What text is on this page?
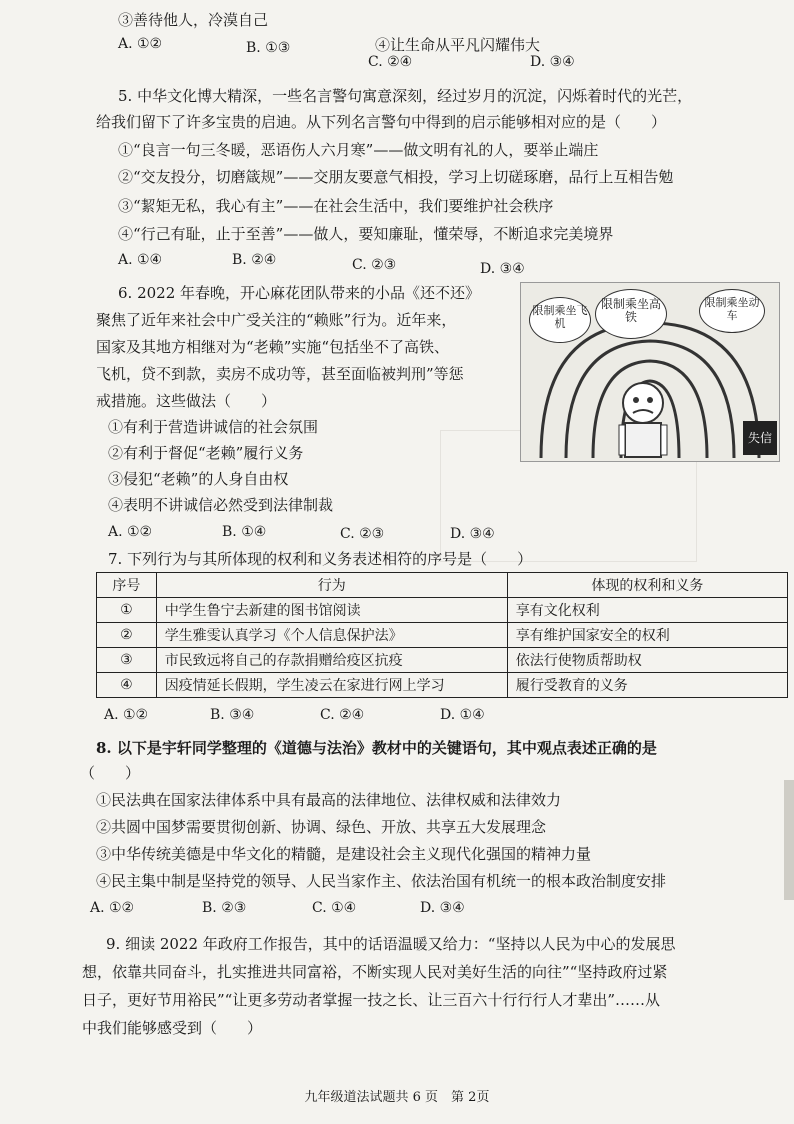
③善待他人，冷漠自己
④让生命从平凡闪耀伟大
A. ①②	B. ①③
C. ②④	D. ③④
5. 中华文化博大精深，一些名言警句寓意深刻，经过岁月的沉淀，闪烁着时代的光芒，
给我们留下了许多宝贵的启迪。从下列名言警句中得到的启示能够相对应的是（　　）
①“良言一句三冬暖，恶语伤人六月寒”——做文明有礼的人，要举止端庄
②“交友投分，切磨箴规”——交朋友要意气相投，学习上切磋琢磨，品行上互相告勉
③“絜矩无私，我心有主”——在社会生活中，我们要维护社会秩序
④“行己有耻，止于至善”——做人，要知廉耻，懂荣辱，不断追求完美境界
A. ①④	B. ②④	C. ②③	D. ③④
6. 2022 年春晚，开心麻花团队带来的小品《还不还》
聚焦了近年来社会中广受关注的“赖账”行为。近年来，
国家及其地方相继对为“老赖”实施“包括坐不了高铁、
飞机，贷不到款，卖房不成功等，甚至面临被判刑”等惩
戒措施。这些做法（　　）
①有利于营造讲诚信的社会氛围
②有利于督促“老赖”履行义务
③侵犯“老赖”的人身自由权
④表明不讲诚信必然受到法律制裁
A. ①②	B. ①④	C. ②③	D. ③④
限制乘坐飞机
限制乘坐高铁
限制乘坐动车
失信
7. 下列行为与其所体现的权利和义务表述相符的序号是（　　）
序号	行为	体现的权利和义务
①	中学生鲁宁去新建的图书馆阅读	享有文化权利
②	学生雅雯认真学习《个人信息保护法》	享有维护国家安全的权利
③	市民致远将自己的存款捐赠给疫区抗疫	依法行使物质帮助权
④	因疫情延长假期，学生凌云在家进行网上学习	履行受教育的义务
A. ①②	B. ③④	C. ②④	D. ①④
8. 以下是宇轩同学整理的《道德与法治》教材中的关键语句，其中观点表述正确的是
（　　）
①民法典在国家法律体系中具有最高的法律地位、法律权威和法律效力
②共圆中国梦需要贯彻创新、协调、绿色、开放、共享五大发展理念
③中华传统美德是中华文化的精髓，是建设社会主义现代化强国的精神力量
④民主集中制是坚持党的领导、人民当家作主、依法治国有机统一的根本政治制度安排
A. ①②	B. ②③	C. ①④	D. ③④
9. 细读 2022 年政府工作报告，其中的话语温暖又给力：“坚持以人民为中心的发展思
想，依靠共同奋斗，扎实推进共同富裕，不断实现人民对美好生活的向往”“坚持政府过紧
日子，更好节用裕民”“让更多劳动者掌握一技之长、让三百六十行行行人才辈出”……从
中我们能够感受到（　　）
九年级道法试题共 6 页　第 2页
